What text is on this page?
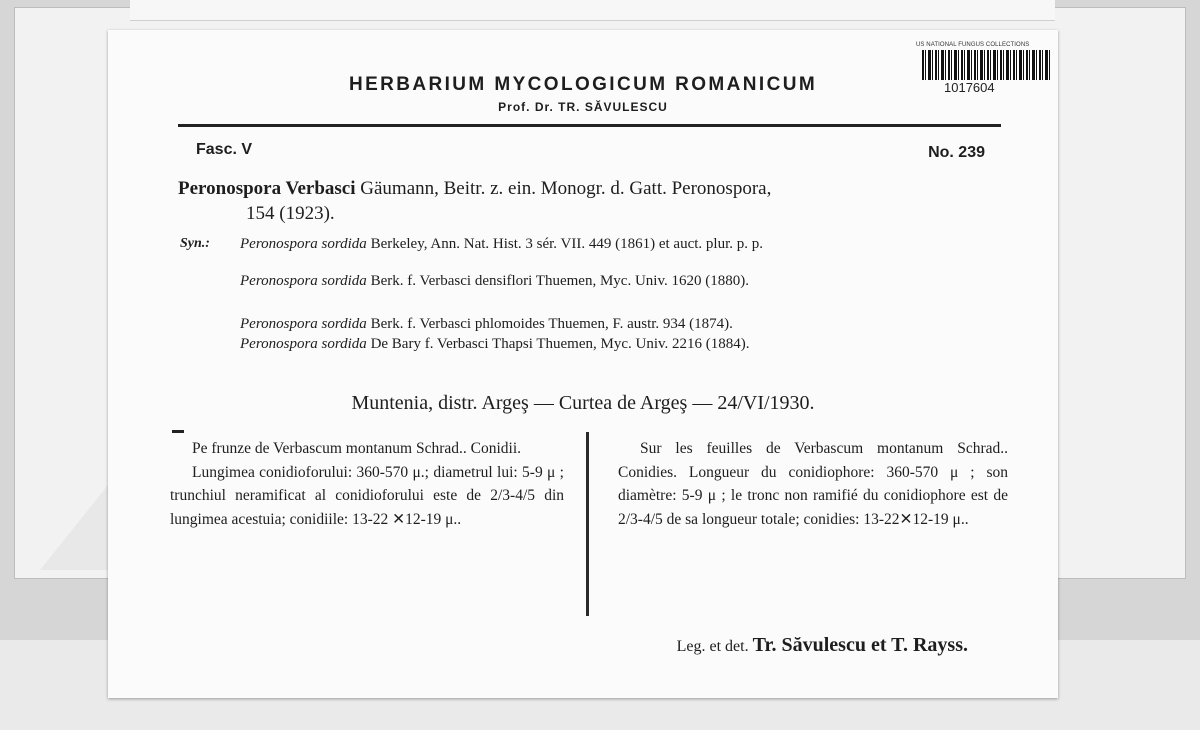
HERBARIUM MYCOLOGICUM ROMANICUM
Prof. Dr. TR. SĂVULESCU
US NATIONAL FUNGUS COLLECTIONS
1017604
Fasc. V	No. 239
Peronospora Verbasci Gäumann, Beitr. z. ein. Monogr. d. Gatt. Peronospora,
154 (1923).
Syn.: Peronospora sordida Berkeley, Ann. Nat. Hist. 3 sér. VII. 449 (1861) et auct. plur. p. p.
Peronospora sordida Berk. f. Verbasci densiflori Thuemen, Myc. Univ. 1620 (1880).
Peronospora sordida Berk. f. Verbasci phlomoides Thuemen, F. austr. 934 (1874).
Peronospora sordida De Bary f. Verbasci Thapsi Thuemen, Myc. Univ. 2216 (1884).
Muntenia, distr. Argeş — Curtea de Argeş — 24/VI/1930.

Pe frunze de Verbascum montanum Schrad.. Conidii.

Lungimea conidioforului: 360-570 μ.; diametrul lui: 5-9 μ ; trunchiul neramificat al conidioforului este de 2/3-4/5 din lungimea acestuia; conidiile: 13-22 ✕12-19 μ..

Sur les feuilles de Verbascum montanum Schrad.. Conidies. Longueur du conidiophore: 360-570 μ ; son diamètre: 5-9 μ ; le tronc non ramifié du conidiophore est de 2/3-4/5 de sa longueur totale; conidies: 13-22✕12-19 μ..

Leg. et det. Tr. Săvulescu et T. Rayss.
